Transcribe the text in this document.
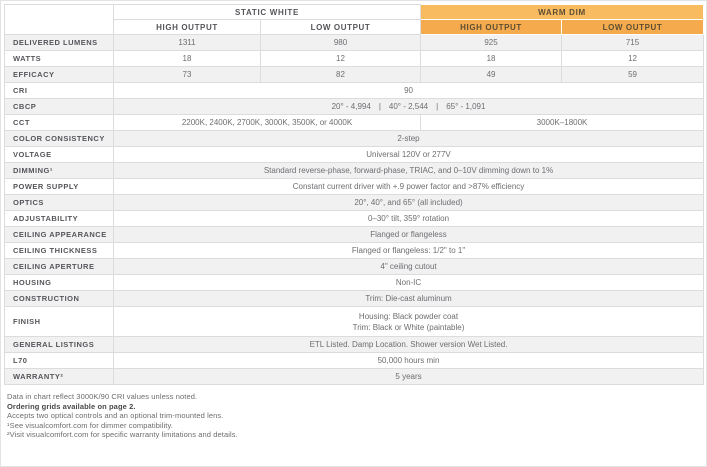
	STATIC WHITE		WARM DIM	
	HIGH OUTPUT	LOW OUTPUT	HIGH OUTPUT	LOW OUTPUT
DELIVERED LUMENS	1311	980	925	715
WATTS	18	12	18	12
EFFICACY	73	82	49	59
CRI	90			
CBCP	20° - 4,994 | 40° - 2,544 | 65° - 1,091			
CCT	2200K, 2400K, 2700K, 3000K, 3500K, or 4000K		3000K–1800K	
COLOR CONSISTENCY	2-step			
VOLTAGE	Universal 120V or 277V			
DIMMING¹	Standard reverse-phase, forward-phase, TRIAC, and 0–10V dimming down to 1%			
POWER SUPPLY	Constant current driver with +.9 power factor and >87% efficiency			
OPTICS	20°, 40°, and 65° (all included)			
ADJUSTABILITY	0–30° tilt, 359° rotation			
CEILING APPEARANCE	Flanged or flangeless			
CEILING THICKNESS	Flanged or flangeless: 1/2" to 1"			
CEILING APERTURE	4" ceiling cutout			
HOUSING	Non-IC			
CONSTRUCTION	Trim: Die-cast aluminum			
FINISH	Housing: Black powder coat
Trim: Black or White (paintable)			

GENERAL LISTINGS	ETL Listed. Damp Location. Shower version Wet Listed.			
L70	50,000 hours min			
WARRANTY²	5 years			
Data in chart reflect 3000K/90 CRI values unless noted.
Ordering grids available on page 2.
Accepts two optical controls and an optional trim-mounted lens.
¹See visualcomfort.com for dimmer compatibility.
²Visit visualcomfort.com for specific warranty limitations and details.
